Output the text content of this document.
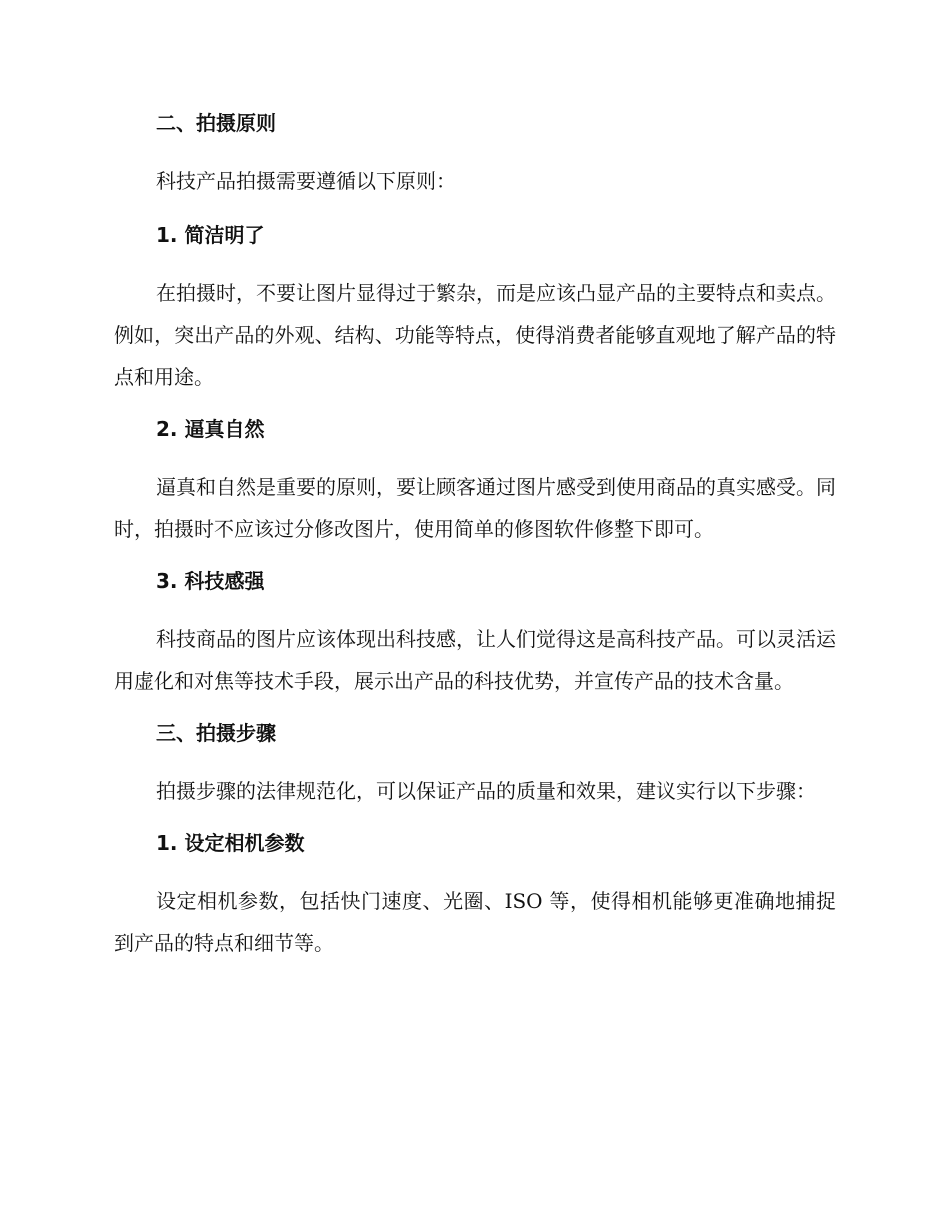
二、拍摄原则

科技产品拍摄需要遵循以下原则：

1. 简洁明了

在拍摄时，不要让图片显得过于繁杂，而是应该凸显产品的主要特点和卖点。例如，突出产品的外观、结构、功能等特点，使得消费者能够直观地了解产品的特点和用途。

2. 逼真自然

逼真和自然是重要的原则，要让顾客通过图片感受到使用商品的真实感受。同时，拍摄时不应该过分修改图片，使用简单的修图软件修整下即可。

3. 科技感强

科技商品的图片应该体现出科技感，让人们觉得这是高科技产品。可以灵活运用虚化和对焦等技术手段，展示出产品的科技优势，并宣传产品的技术含量。

三、拍摄步骤

拍摄步骤的法律规范化，可以保证产品的质量和效果，建议实行以下步骤：

1. 设定相机参数

设定相机参数，包括快门速度、光圈、ISO 等，使得相机能够更准确地捕捉到产品的特点和细节等。
